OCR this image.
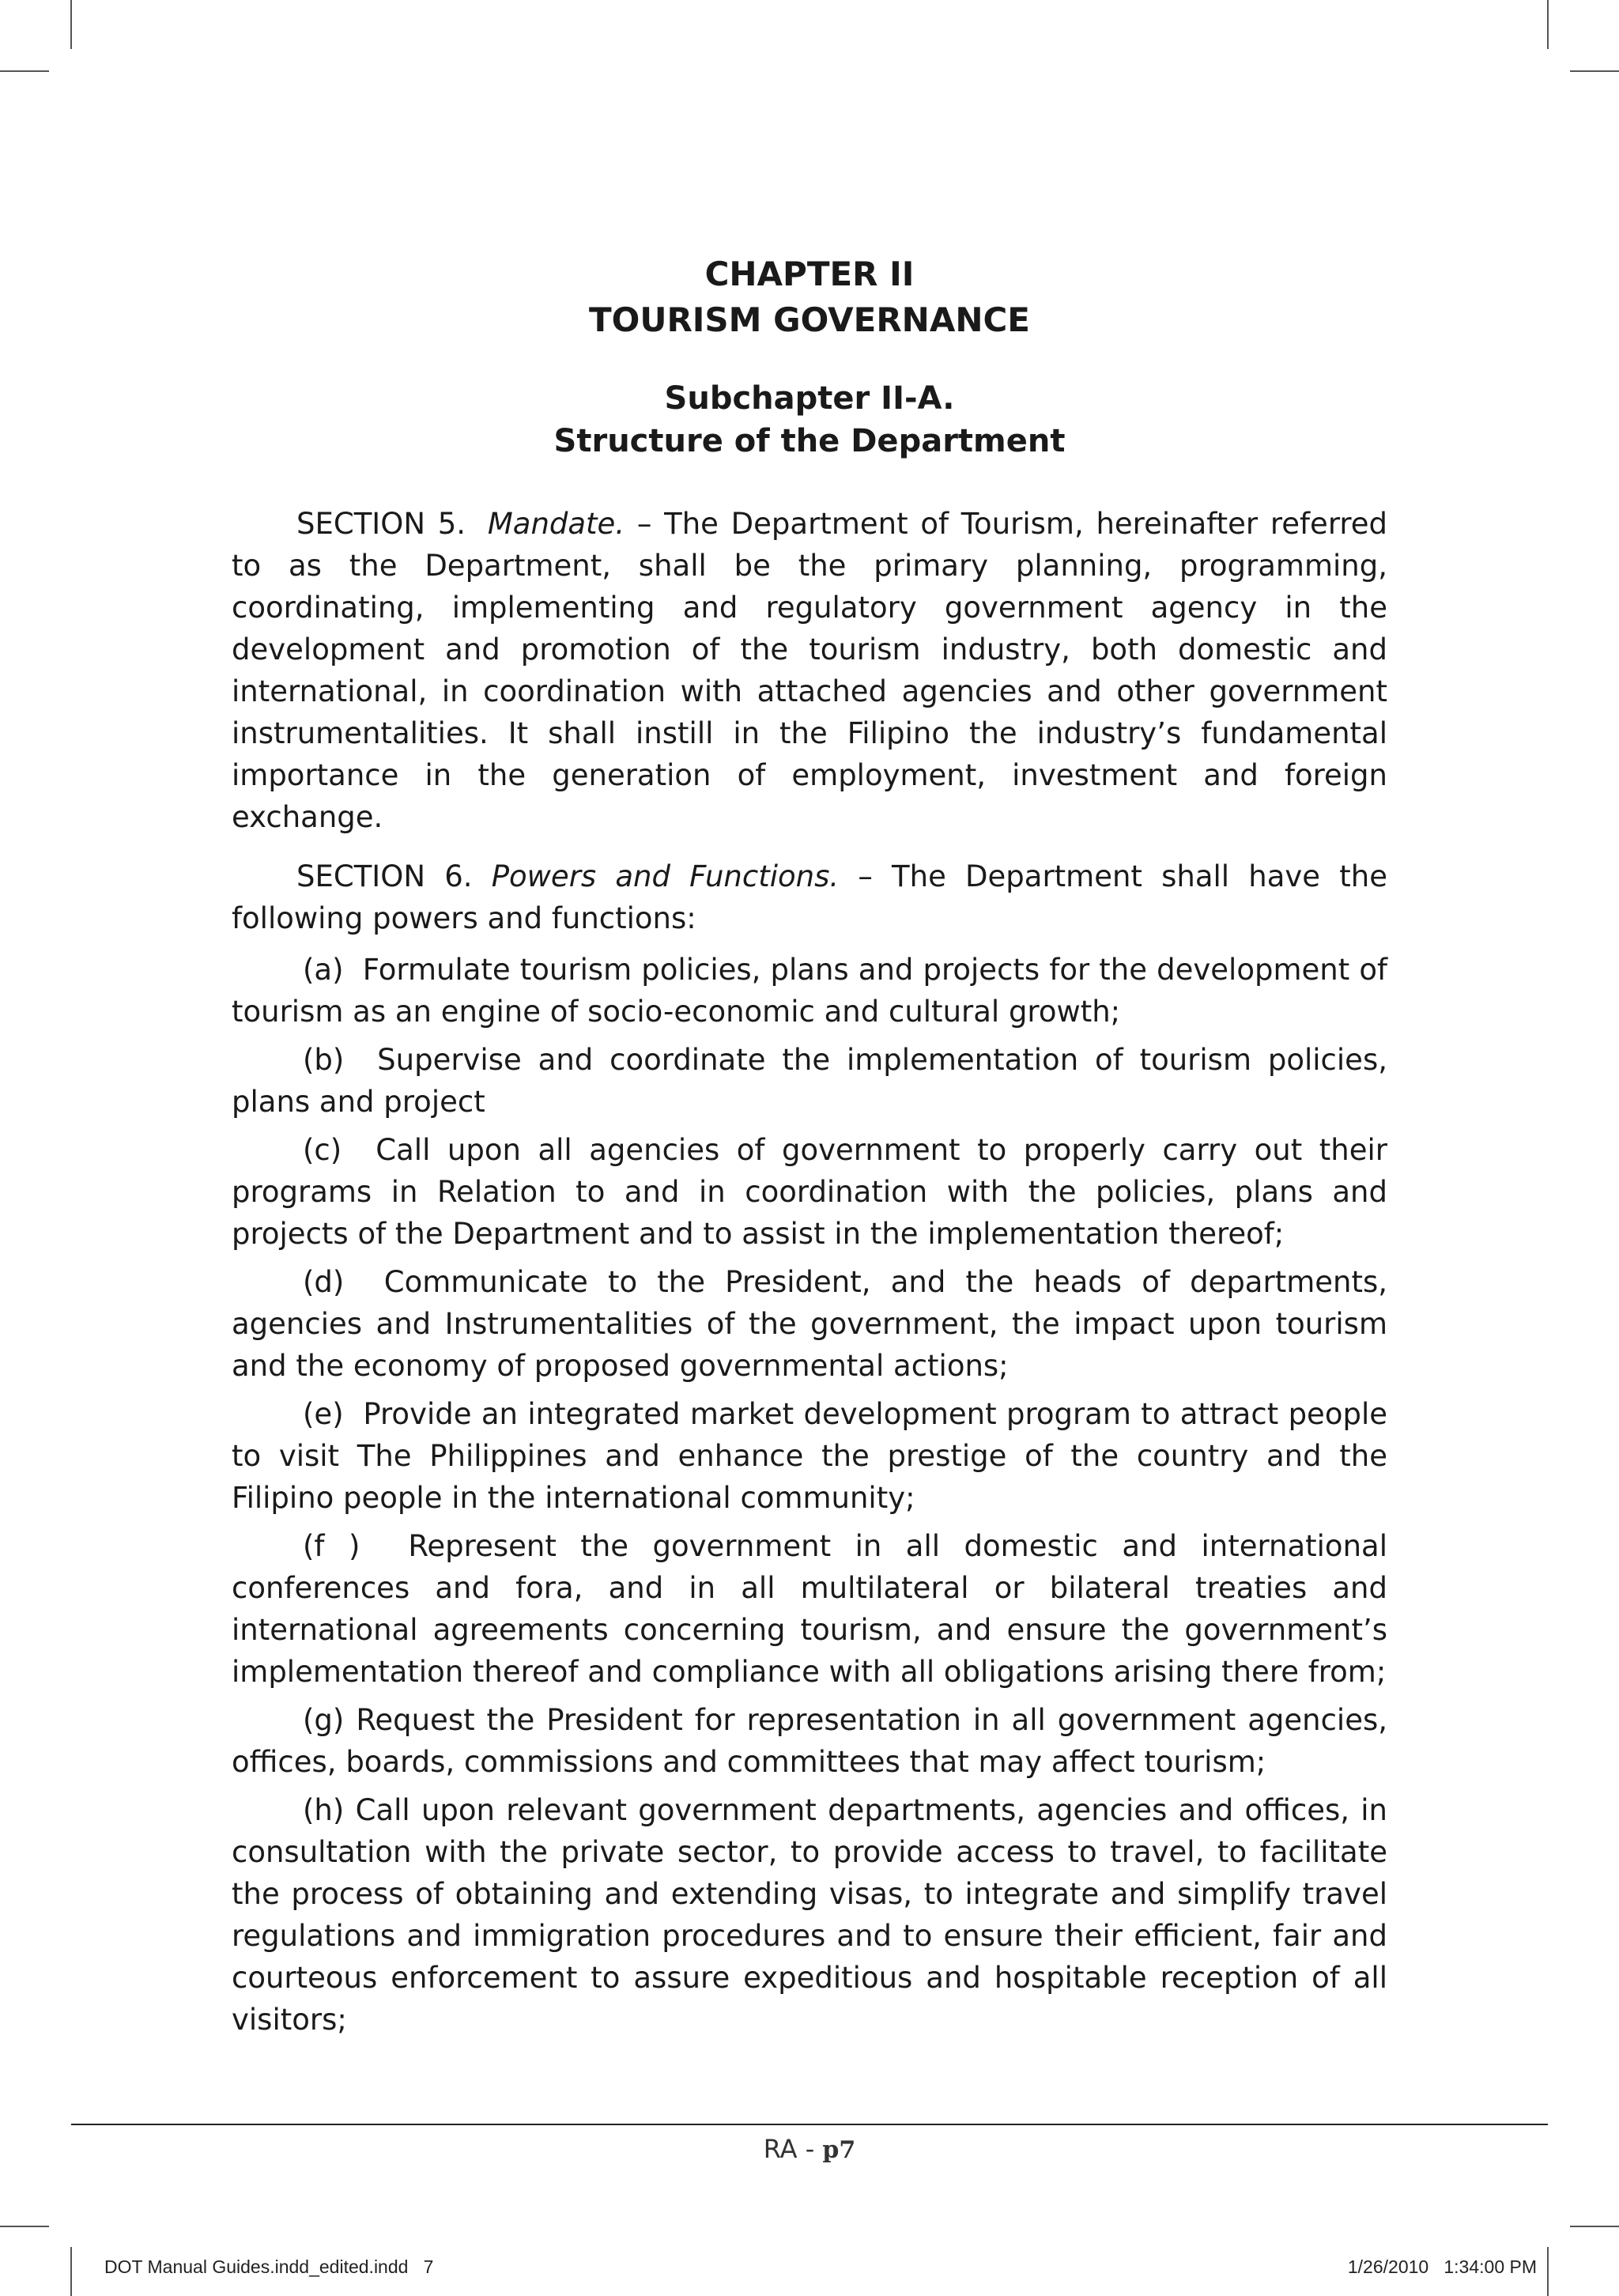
CHAPTER II
TOURISM GOVERNANCE
Subchapter II-A.
Structure of the Department

SECTION 5. Mandate. – The Department of Tourism, hereinafter referred to as the Department, shall be the primary planning, programming, coordinating, implementing and regulatory government agency in the development and promotion of the tourism industry, both domestic and international, in coordination with attached agencies and other government instrumentalities. It shall instill in the Filipino the industry’s fundamental importance in the generation of employment, investment and foreign exchange.

SECTION 6. Powers and Functions. – The Department shall have the following powers and functions:

(a) Formulate tourism policies, plans and projects for the development of tourism as an engine of socio-economic and cultural growth;

(b) Supervise and coordinate the implementation of tourism policies, plans and project

(c) Call upon all agencies of government to properly carry out their programs in Relation to and in coordination with the policies, plans and projects of the Department and to assist in the implementation thereof;

(d) Communicate to the President, and the heads of departments, agencies and Instrumentalities of the government, the impact upon tourism and the economy of proposed governmental actions;

(e) Provide an integrated market development program to attract people to visit The Philippines and enhance the prestige of the country and the Filipino people in the international community;

(f ) Represent the government in all domestic and international conferences and fora, and in all multilateral or bilateral treaties and international agreements concerning tourism, and ensure the government’s implementation thereof and compliance with all obligations arising there from;

(g) Request the President for representation in all government agencies, offices, boards, commissions and committees that may affect tourism;

(h) Call upon relevant government departments, agencies and offices, in consultation with the private sector, to provide access to travel, to facilitate the process of obtaining and extending visas, to integrate and simplify travel regulations and immigration procedures and to ensure their efficient, fair and courteous enforcement to assure expeditious and hospitable reception of all visitors;

RA - p7
DOT Manual Guides.indd_edited.indd   7	1/26/2010   1:34:00 PM
